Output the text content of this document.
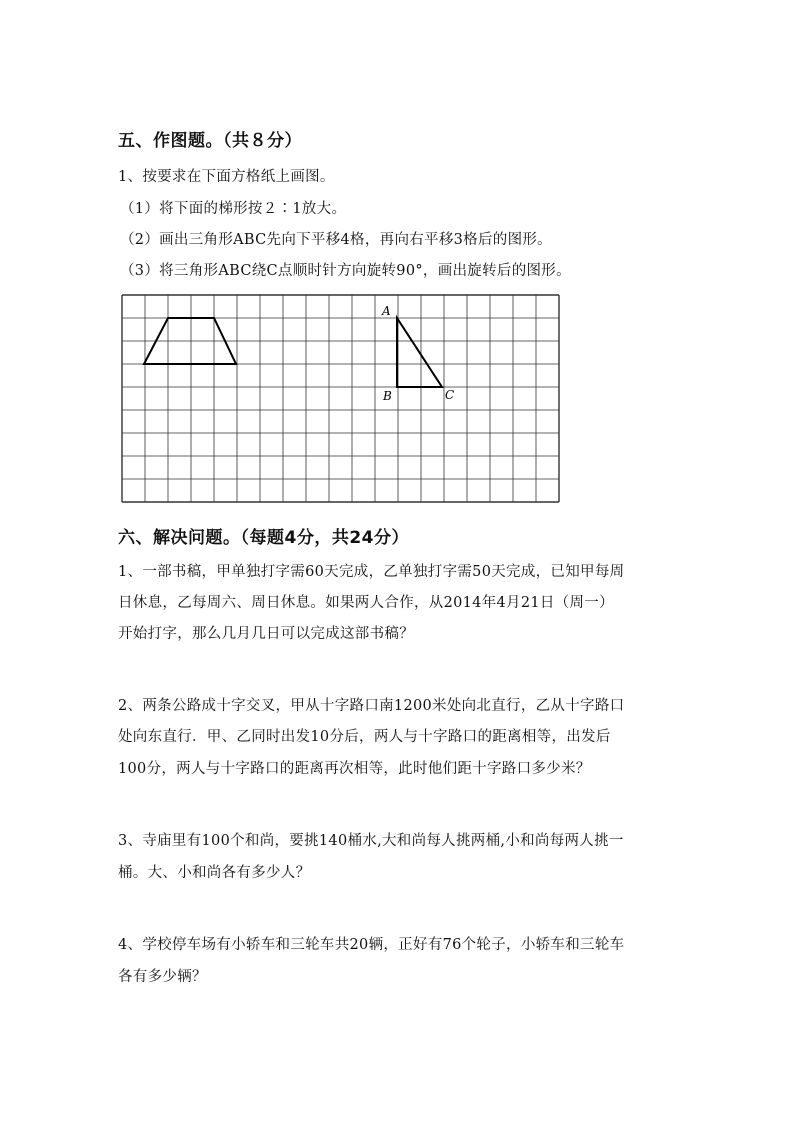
五、作图题。（共８分）
1、按要求在下面方格纸上画图。
（1）将下面的梯形按２∶1放大。
（2）画出三角形ABC先向下平移4格，再向右平移3格后的图形。
（3）将三角形ABC绕C点顺时针方向旋转90°，画出旋转后的图形。
A
B	C
六、解决问题。（每题4分，共24分）
1、一部书稿，甲单独打字需60天完成，乙单独打字需50天完成，已知甲每周
日休息，乙每周六、周日休息。如果两人合作，从2014年4月21日（周一）
开始打字，那么几月几日可以完成这部书稿？
2、两条公路成十字交叉，甲从十字路口南1200米处向北直行，乙从十字路口
处向东直行．甲、乙同时出发10分后，两人与十字路口的距离相等，出发后
100分，两人与十字路口的距离再次相等，此时他们距十字路口多少米？
3、寺庙里有100个和尚，要挑140桶水,大和尚每人挑两桶,小和尚每两人挑一
桶。大、小和尚各有多少人？
4、学校停车场有小轿车和三轮车共20辆，正好有76个轮子，小轿车和三轮车
各有多少辆？
